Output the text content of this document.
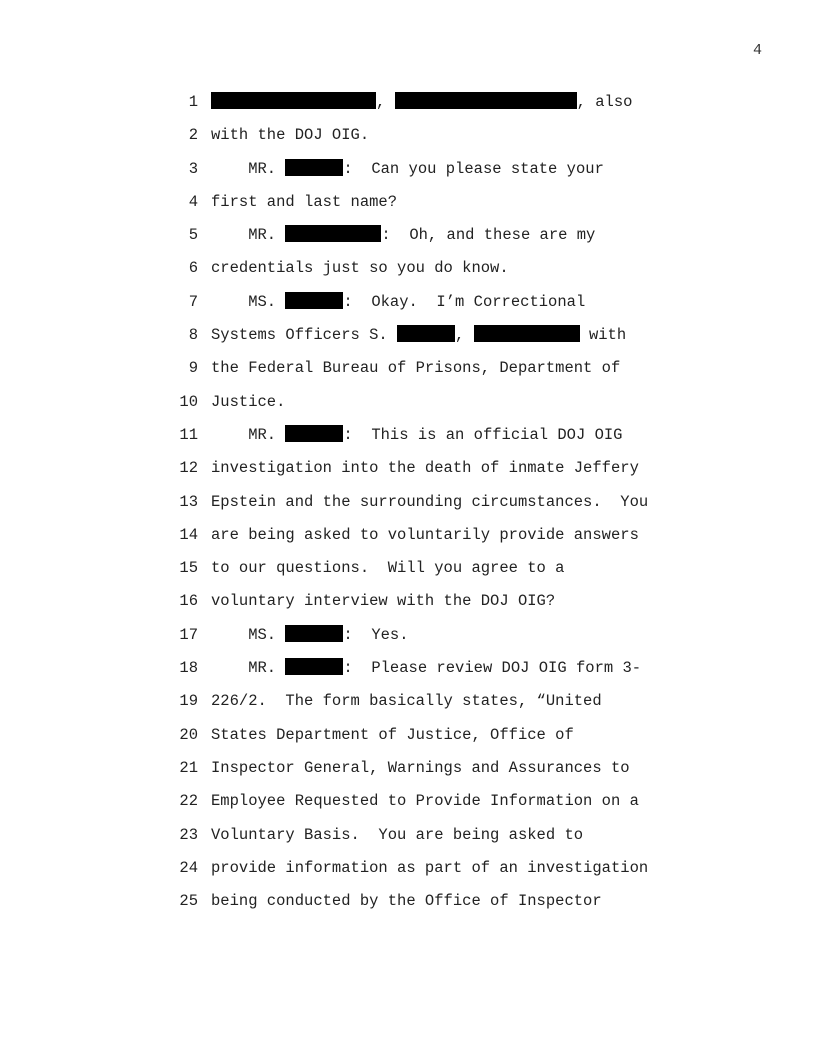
4
1	,	, also
2 with the DOJ OIG.
3 MR.	:  Can you please state your
4 first and last name?
5 MR.	:  Oh, and these are my
6 credentials just so you do know.
7 MS.	:  Okay.  I’m Correctional
8 Systems Officers S.	,	with
9 the Federal Bureau of Prisons, Department of
10 Justice.
11 MR.	:  This is an official DOJ OIG
12 investigation into the death of inmate Jeffery
13 Epstein and the surrounding circumstances.  You
14 are being asked to voluntarily provide answers
15 to our questions.  Will you agree to a
16 voluntary interview with the DOJ OIG?
17 MS.	:  Yes.
18 MR.	:  Please review DOJ OIG form 3-
19 226/2.  The form basically states, “United
20 States Department of Justice, Office of
21 Inspector General, Warnings and Assurances to
22 Employee Requested to Provide Information on a
23 Voluntary Basis.  You are being asked to
24 provide information as part of an investigation
25 being conducted by the Office of Inspector
